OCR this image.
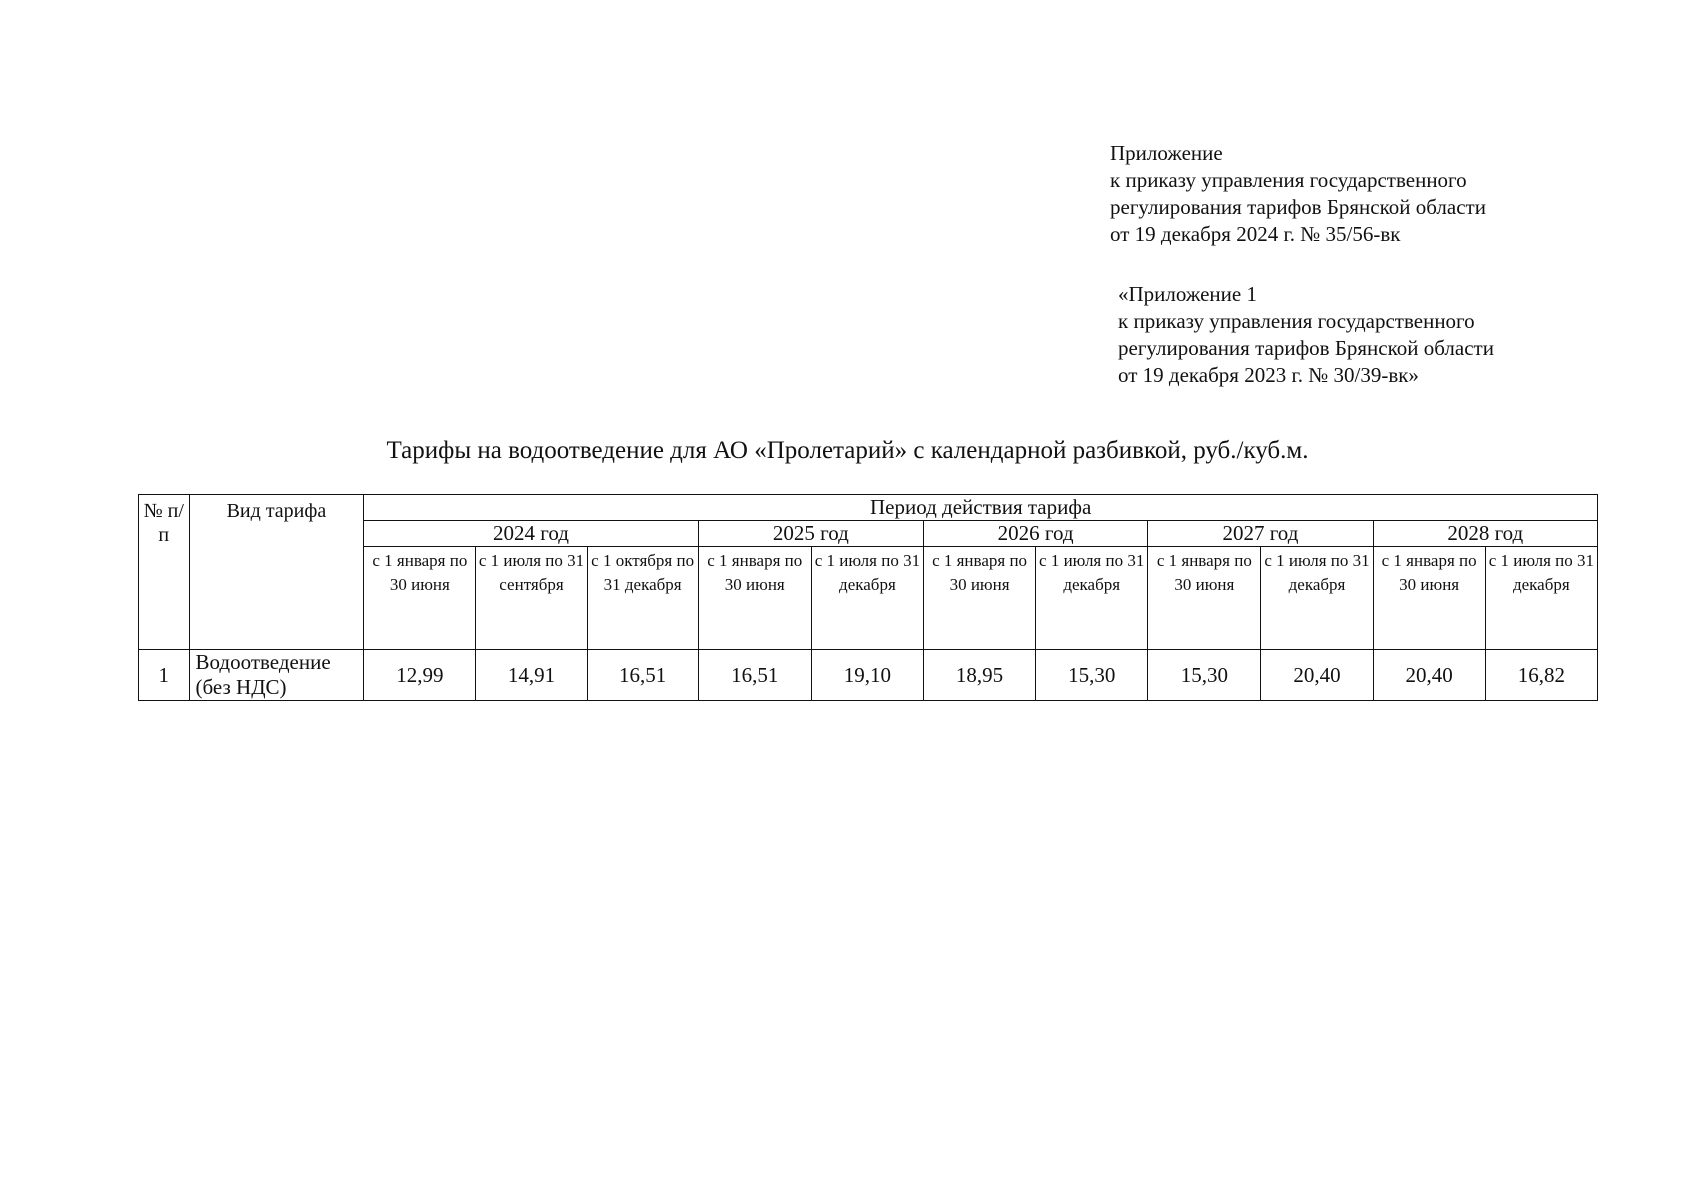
Приложение
к приказу управления государственного
регулирования тарифов Брянской области
от 19 декабря 2024 г. № 35/56-вк
«Приложение 1
к приказу управления государственного
регулирования тарифов Брянской области
от 19 декабря 2023 г. № 30/39-вк»
Тарифы на водоотведение для АО «Пролетарий» с календарной разбивкой, руб./куб.м.
№ п/п	Вид тарифа	Период действия тарифа										
		2024 год			2025 год		2026 год		2027 год		2028 год	
		с 1 января по 30 июня	с 1 июля по 31 сентября	с 1 октября по 31 декабря	с 1 января по 30 июня	с 1 июля по 31 декабря	с 1 января по 30 июня	с 1 июля по 31 декабря	с 1 января по 30 июня	с 1 июля по 31 декабря	с 1 января по 30 июня	с 1 июля по 31 декабря
1	Водоотведение (без НДС)	12,99	14,91	16,51	16,51	19,10	18,95	15,30	15,30	20,40	20,40	16,82
